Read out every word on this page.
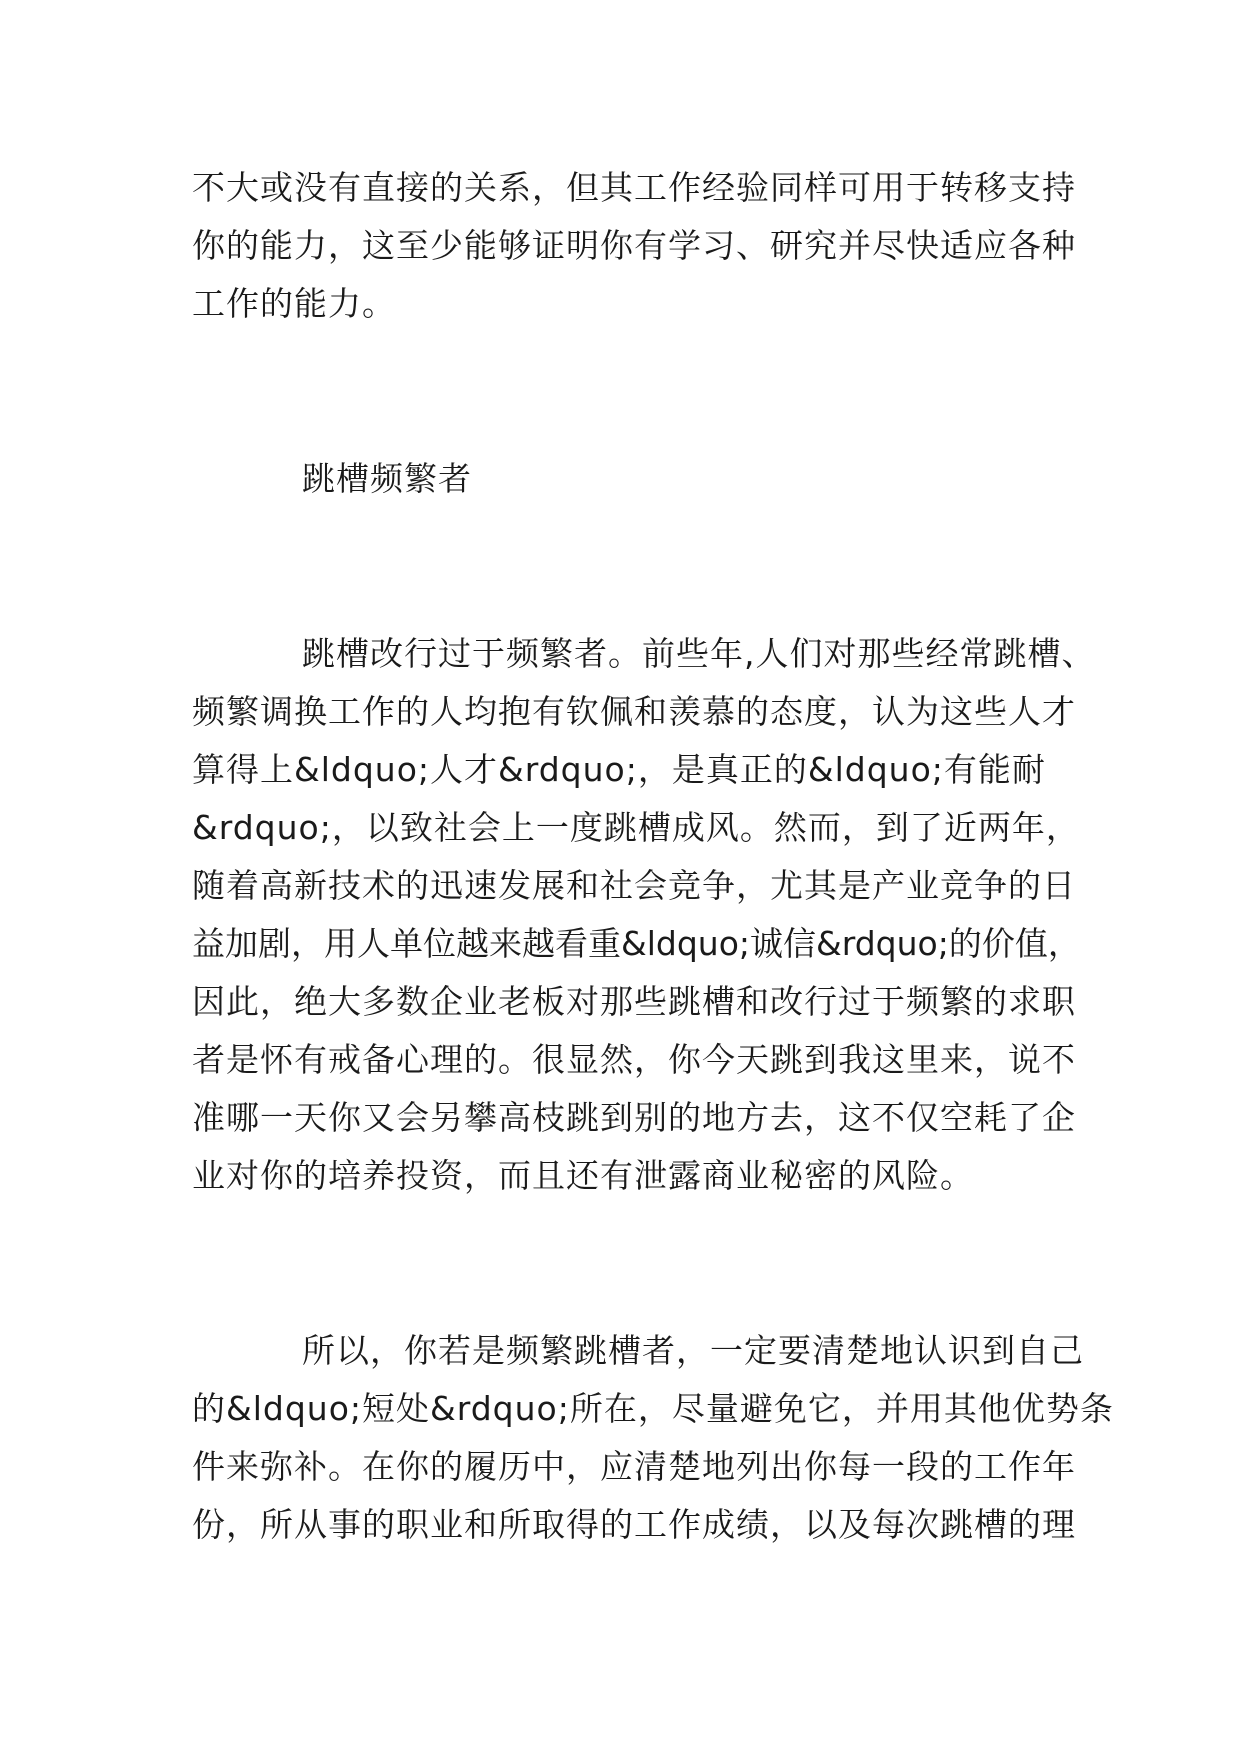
不大或没有直接的关系，但其工作经验同样可用于转移支持
你的能力，这至少能够证明你有学习、研究并尽快适应各种
工作的能力。
跳槽频繁者
跳槽改行过于频繁者。前些年,人们对那些经常跳槽、
频繁调换工作的人均抱有钦佩和羡慕的态度，认为这些人才
算得上&ldquo;人才&rdquo;，是真正的&ldquo;有能耐
&rdquo;，以致社会上一度跳槽成风。然而，到了近两年，
随着高新技术的迅速发展和社会竞争，尤其是产业竞争的日
益加剧，用人单位越来越看重&ldquo;诚信&rdquo;的价值，
因此，绝大多数企业老板对那些跳槽和改行过于频繁的求职
者是怀有戒备心理的。很显然，你今天跳到我这里来，说不
准哪一天你又会另攀高枝跳到别的地方去，这不仅空耗了企
业对你的培养投资，而且还有泄露商业秘密的风险。
所以，你若是频繁跳槽者，一定要清楚地认识到自己
的&ldquo;短处&rdquo;所在，尽量避免它，并用其他优势条
件来弥补。在你的履历中，应清楚地列出你每一段的工作年
份，所从事的职业和所取得的工作成绩，以及每次跳槽的理
